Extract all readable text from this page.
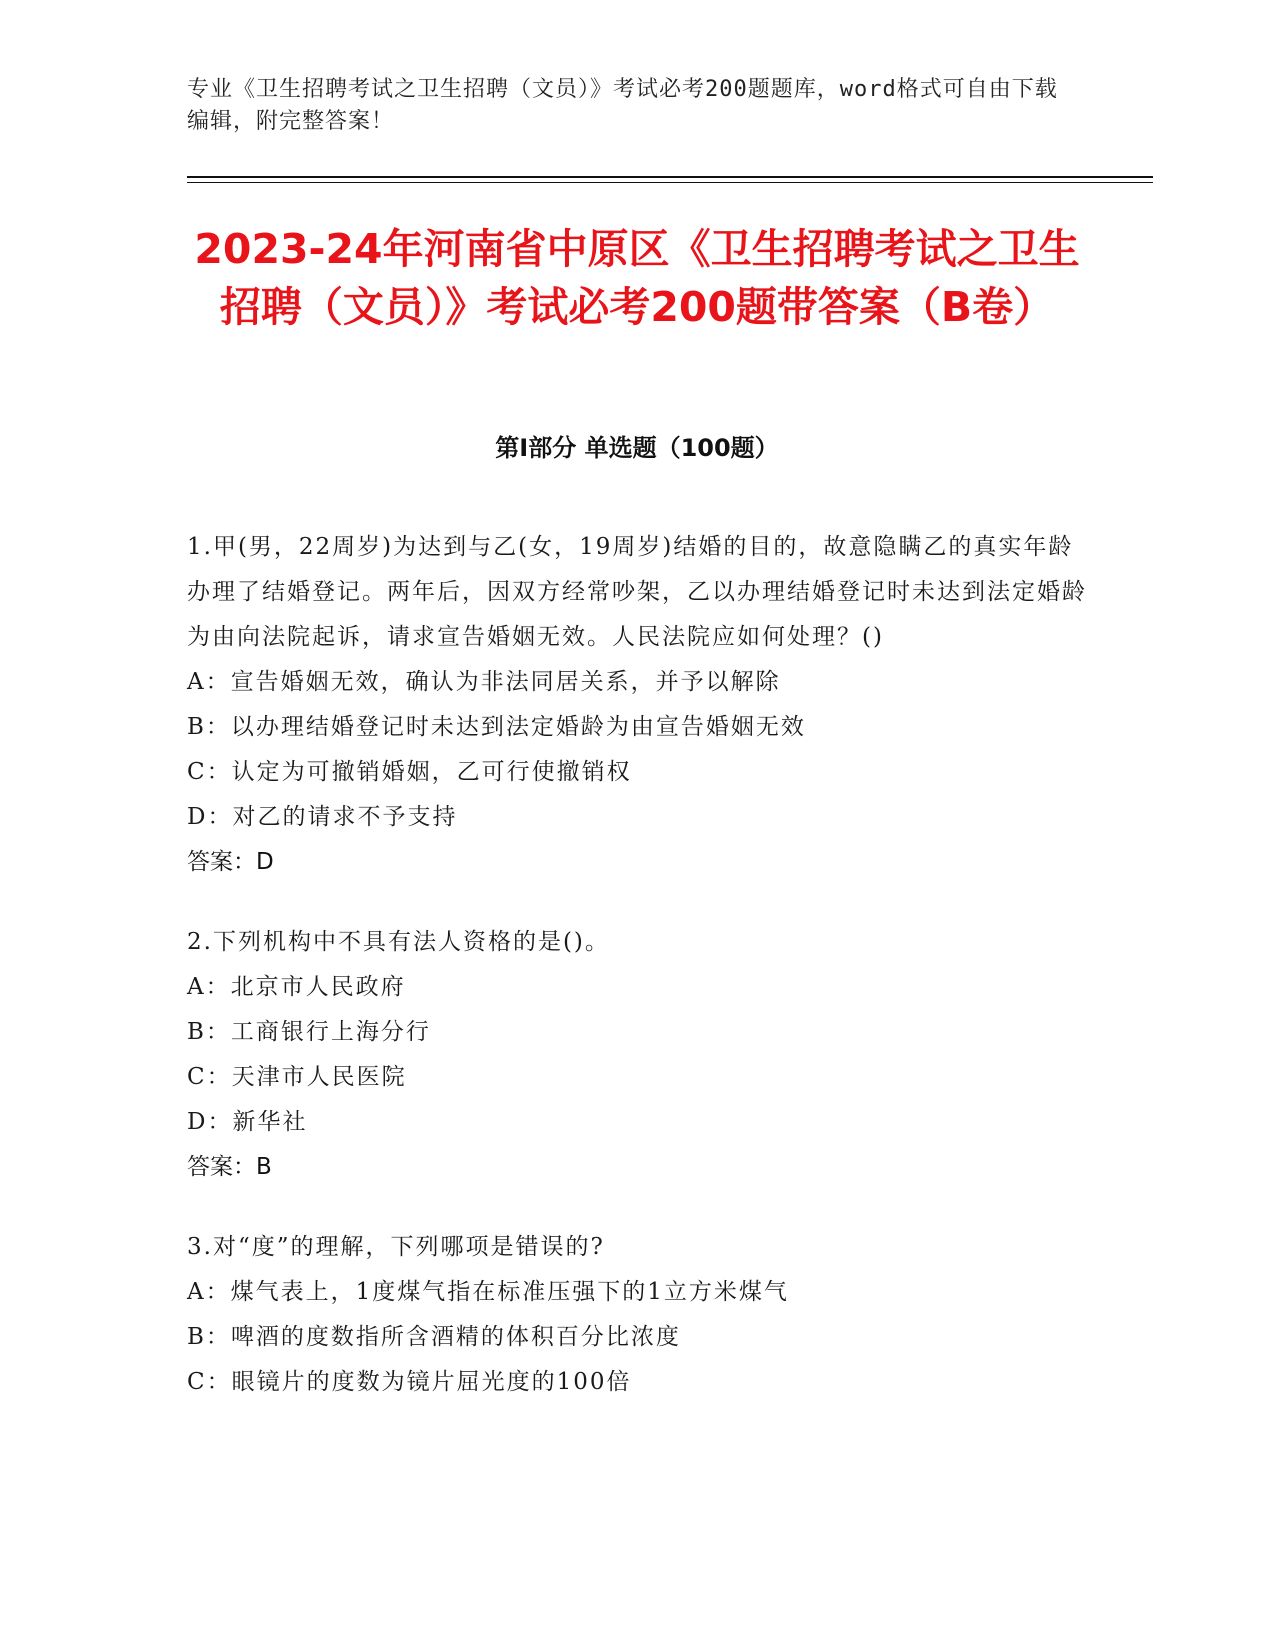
专业《卫生招聘考试之卫生招聘（文员）》考试必考200题题库，word格式可自由下载编辑，附完整答案！
2023-24年河南省中原区《卫生招聘考试之卫生招聘（文员）》考试必考200题带答案（B卷）
第I部分 单选题（100题）
1.甲(男，22周岁)为达到与乙(女，19周岁)结婚的目的，故意隐瞒乙的真实年龄办理了结婚登记。两年后，因双方经常吵架，乙以办理结婚登记时未达到法定婚龄为由向法院起诉，请求宣告婚姻无效。人民法院应如何处理？()
A：宣告婚姻无效，确认为非法同居关系，并予以解除
B：以办理结婚登记时未达到法定婚龄为由宣告婚姻无效
C：认定为可撤销婚姻，乙可行使撤销权
D：对乙的请求不予支持
答案：D
2.下列机构中不具有法人资格的是()。
A：北京市人民政府
B：工商银行上海分行
C：天津市人民医院
D：新华社
答案：B
3.对“度”的理解，下列哪项是错误的?
A：煤气表上，1度煤气指在标准压强下的1立方米煤气
B：啤酒的度数指所含酒精的体积百分比浓度
C：眼镜片的度数为镜片屈光度的100倍
